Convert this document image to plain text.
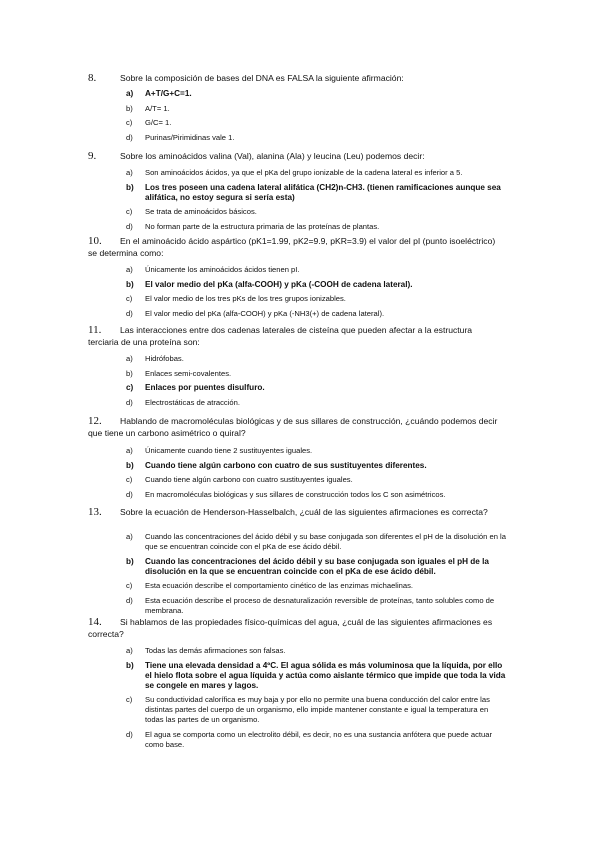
8.	Sobre la composición de bases del DNA es FALSA la siguiente afirmación:
a) A+T/G+C=1.
b) A/T= 1.
c) G/C= 1.
d) Purinas/Pirimidinas vale 1.
9.	Sobre los aminoácidos valina (Val), alanina (Ala) y leucina (Leu) podemos decir:
a) Son aminoácidos ácidos, ya que el pKa del grupo ionizable de la cadena lateral es inferior a 5.
b) Los tres poseen una cadena lateral alifática (CH2)n-CH3. (tienen ramificaciones aunque sea alifática, no estoy segura si sería esta)
c) Se trata de aminoácidos básicos.
d) No forman parte de la estructura primaria de las proteínas de plantas.
10. En el aminoácido ácido aspártico (pK1=1.99, pK2=9.9, pKR=3.9) el valor del pI (punto isoeléctrico) se determina como:
a) Únicamente los aminoácidos ácidos tienen pI.
b) El valor medio del pKa (alfa-COOH) y pKa (-COOH de cadena lateral).
c) El valor medio de los tres pKs de los tres grupos ionizables.
d) El valor medio del pKa (alfa-COOH) y pKa (-NH3(+) de cadena lateral).
11. Las interacciones entre dos cadenas laterales de cisteína que pueden afectar a la estructura terciaria de una proteína son:
a) Hidrófobas.
b) Enlaces semi-covalentes.
c) Enlaces por puentes disulfuro.
d) Electrostáticas de atracción.
12. Hablando de macromoléculas biológicas y de sus sillares de construcción, ¿cuándo podemos decir que tiene un carbono asimétrico o quiral?
a) Únicamente cuando tiene 2 sustituyentes iguales.
b) Cuando tiene algún carbono con cuatro de sus sustituyentes diferentes.
c) Cuando tiene algún carbono con cuatro sustituyentes iguales.
d) En macromoléculas biológicas y sus sillares de construcción todos los C son asimétricos.
13. Sobre la ecuación de Henderson-Hasselbalch, ¿cuál de las siguientes afirmaciones es correcta?
a) Cuando las concentraciones del ácido débil y su base conjugada son diferentes el pH de la disolución en la que se encuentran coincide con el pKa de ese ácido débil.
b) Cuando las concentraciones del ácido débil y su base conjugada son iguales el pH de la disolución en la que se encuentran coincide con el pKa de ese ácido débil.
c) Esta ecuación describe el comportamiento cinético de las enzimas michaelinas.
d) Esta ecuación describe el proceso de desnaturalización reversible de proteínas, tanto solubles como de membrana.
14. Si hablamos de las propiedades físico-químicas del agua, ¿cuál de las siguientes afirmaciones es correcta?
a) Todas las demás afirmaciones son falsas.
b) Tiene una elevada densidad a 4ºC. El agua sólida es más voluminosa que la líquida, por ello el hielo flota sobre el agua líquida y actúa como aislante térmico que impide que toda la vida se congele en mares y lagos.
c) Su conductividad calorífica es muy baja y por ello no permite una buena conducción del calor entre las distintas partes del cuerpo de un organismo, ello impide mantener constante e igual la temperatura en todas las partes de un organismo.
d) El agua se comporta como un electrolito débil, es decir, no es una sustancia anfótera que puede actuar como base.
